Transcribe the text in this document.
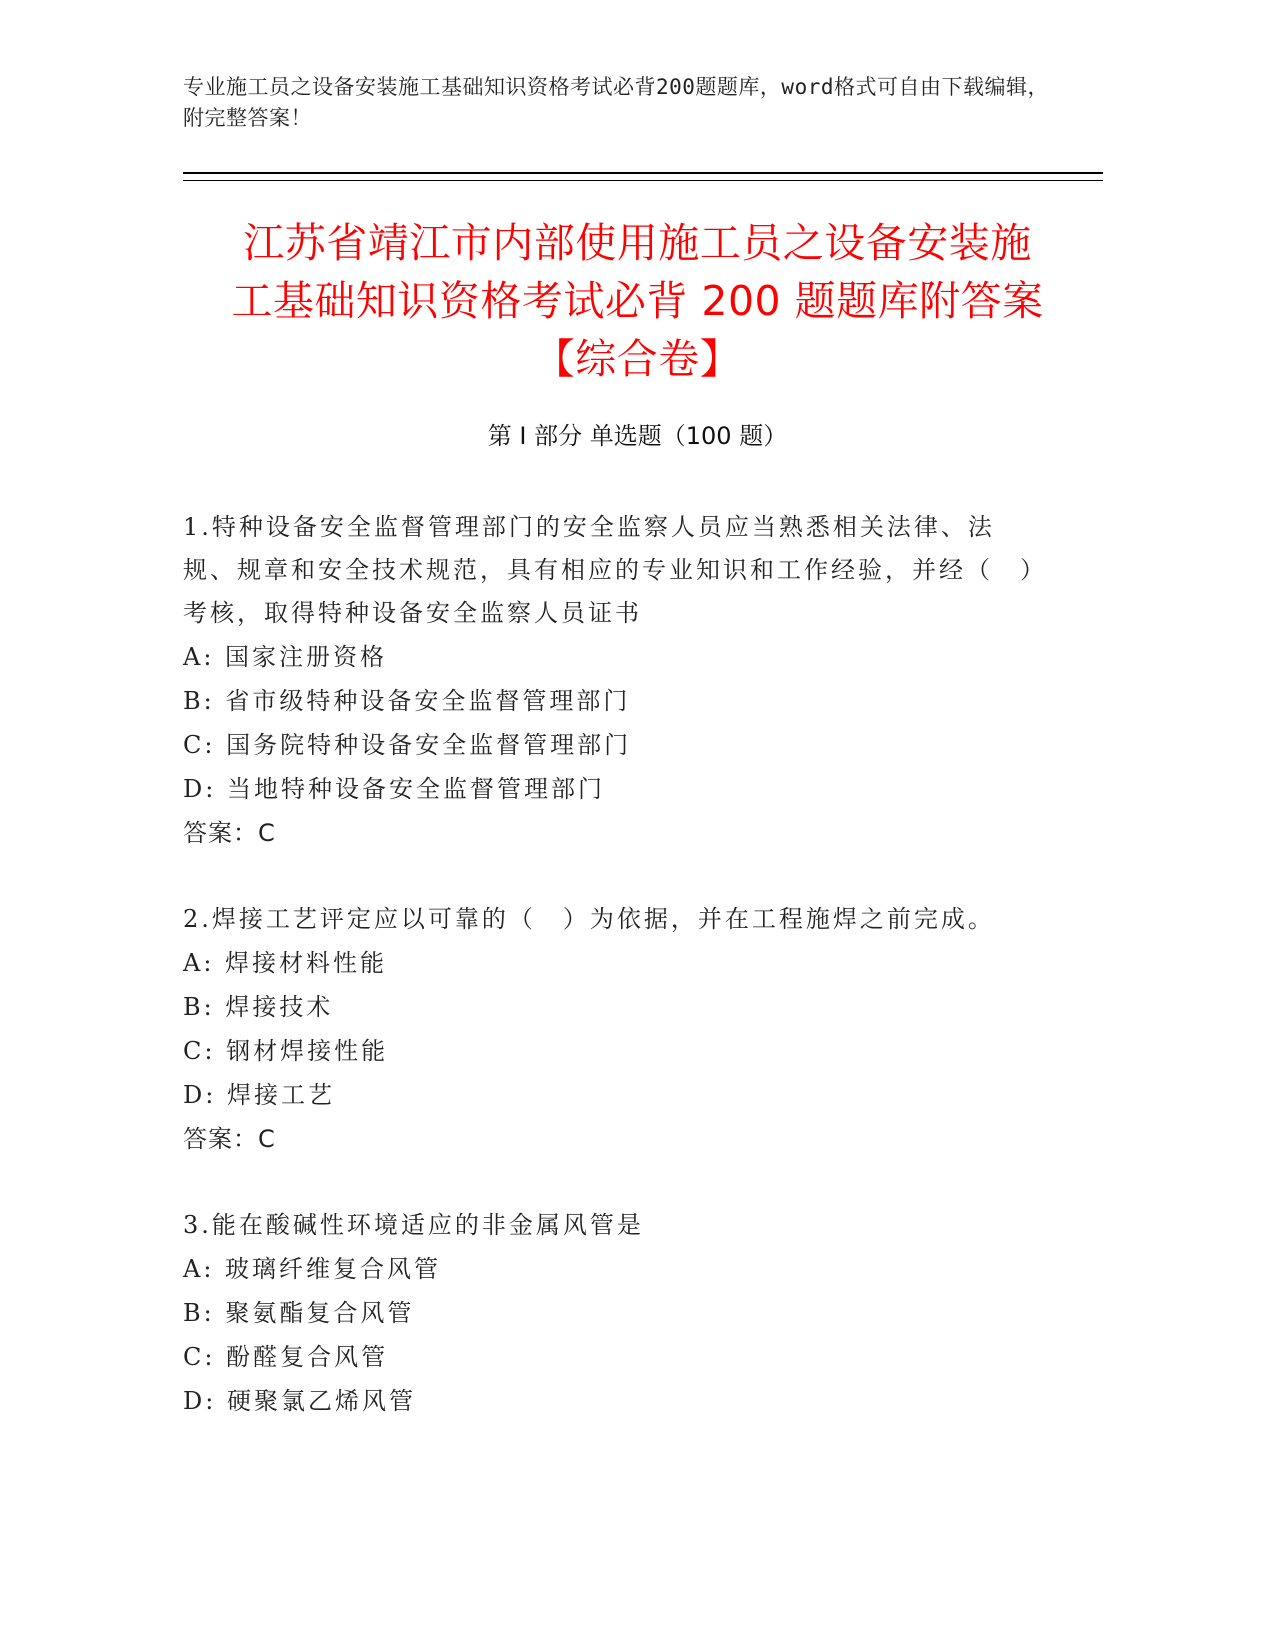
专业施工员之设备安装施工基础知识资格考试必背200题题库，word格式可自由下载编辑，附完整答案！
江苏省靖江市内部使用施工员之设备安装施
工基础知识资格考试必背 200 题题库附答案
【综合卷】
第 I 部分 单选题（100 题）

1.特种设备安全监督管理部门的安全监察人员应当熟悉相关法律、法规、规章和安全技术规范，具有相应的专业知识和工作经验，并经（　）考核，取得特种设备安全监察人员证书

A: 国家注册资格

B: 省市级特种设备安全监督管理部门

C: 国务院特种设备安全监督管理部门

D: 当地特种设备安全监督管理部门

答案：C

2.焊接工艺评定应以可靠的（　）为依据，并在工程施焊之前完成。

A: 焊接材料性能

B: 焊接技术

C: 钢材焊接性能

D: 焊接工艺

答案：C

3.能在酸碱性环境适应的非金属风管是

A: 玻璃纤维复合风管

B: 聚氨酯复合风管

C: 酚醛复合风管

D: 硬聚氯乙烯风管
